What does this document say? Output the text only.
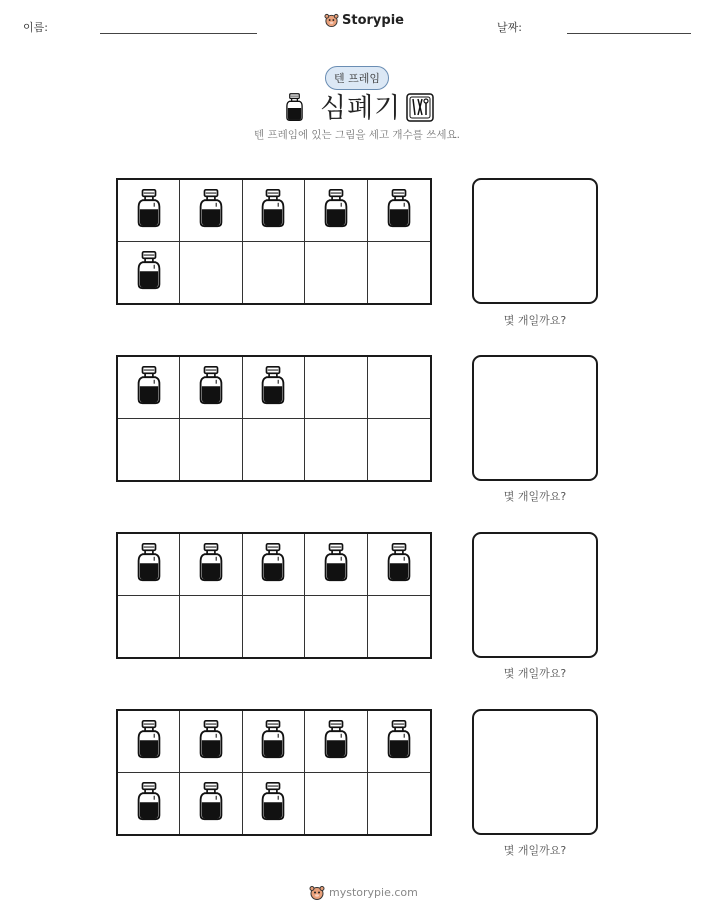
이름:	Storypie	날짜:
텐 프레임
심폐기
텐 프레임에 있는 그림을 세고 개수를 쓰세요.
몇 개일까요?
몇 개일까요?
몇 개일까요?
몇 개일까요?
mystorypie.com
